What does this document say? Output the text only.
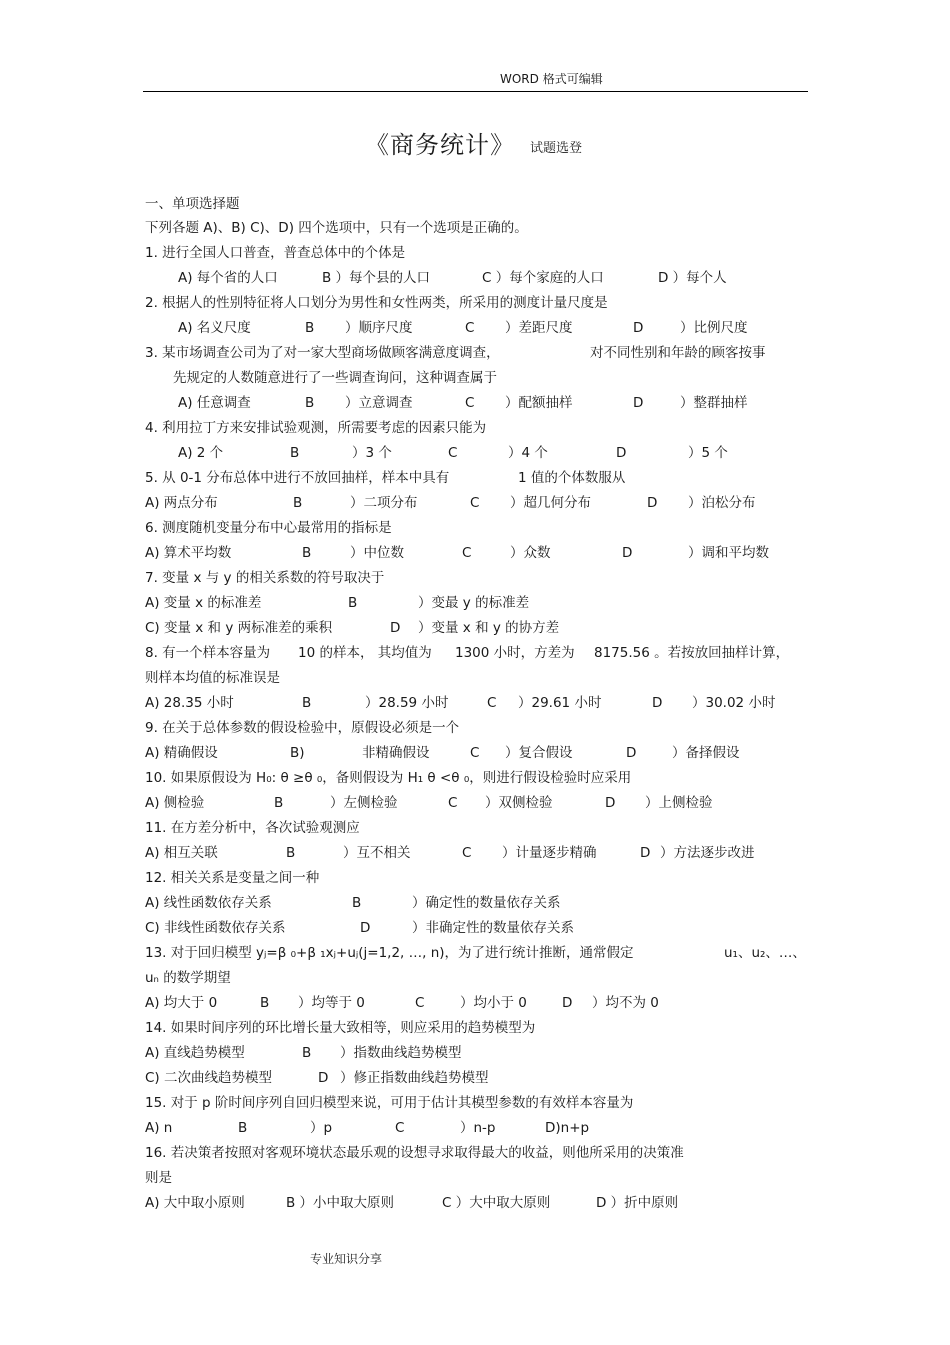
WORD 格式可编辑
《商务统计》 试题选登
一、单项选择题
下列各题 A)、B) C)、D) 四个选项中，只有一个选项是正确的。
1. 进行全国人口普查，普查总体中的个体是
A) 每个省的人口	B ）每个县的人口	C ）每个家庭的人口	D ）每个人
2. 根据人的性别特征将人口划分为男性和女性两类，所采用的测度计量尺度是
A) 名义尺度	B ）顺序尺度	C ）差距尺度	D	）比例尺度
3. 某市场调查公司为了对一家大型商场做顾客满意度调查，	对不同性别和年龄的顾客按事
先规定的人数随意进行了一些调查询问，这种调查属于
A) 任意调查	B ）立意调查	C ）配额抽样	D	）整群抽样
4. 利用拉丁方来安排试验观测，所需要考虑的因素只能为
A) 2 个	B	）3 个	C	）4 个	D	）5 个
5. 从 0-1 分布总体中进行不放回抽样，样本中具有	1 值的个体数服从
A) 两点分布	B	）二项分布	C ）超几何分布	D ）泊松分布
6. 测度随机变量分布中心最常用的指标是
A) 算术平均数	B	）中位数	C	）众数	D	）调和平均数
7. 变量 x 与 y 的相关系数的符号取决于
A) 变量 x 的标准差	B	）变最 y 的标准差
C) 变量 x 和 y 两标准差的乘积	D ）变量 x 和 y 的协方差
8. 有一个样本容量为 10 的样本， 其均值为 1300 小时，方差为 8175.56 。若按放回抽样计算，
则样本均值的标准误是
A) 28.35 小时	B	）28.59 小时	C ）29.61 小时	D ）30.02 小时
9. 在关于总体参数的假设检验中，原假设必须是一个
A) 精确假设	B)	非精确假设	C ）复合假设	D	）备择假设
10. 如果原假设为 H₀: θ ≥θ ₀，备则假设为 H₁ θ <θ ₀，则进行假设检验时应采用
A) 侧检验	B	）左侧检验	C ）双侧检验	D ）上侧检验
11. 在方差分析中，各次试验观测应
A) 相互关联	B	）互不相关	C ）计量逐步精确	D ）方法逐步改进
12. 相关关系是变量之间一种
A) 线性函数依存关系	B	）确定性的数量依存关系
C) 非线性函数依存关系	D	）非确定性的数量依存关系
13. 对于回归模型 yⱼ=β ₀+β ₁xⱼ+uⱼ(j=1,2, …, n)，为了进行统计推断，通常假定	u₁、u₂、…、
uₙ 的数学期望
A) 均大于 0	B ）均等于 0	C	）均小于 0	D ）均不为 0
14. 如果时间序列的环比增长量大致相等，则应采用的趋势模型为
A) 直线趋势模型	B ）指数曲线趋势模型
C) 二次曲线趋势模型	D ）修正指数曲线趋势模型
15. 对于 p 阶时间序列自回归模型来说，可用于估计其模型参数的有效样本容量为
A) n	B	）p	C	）n-p	D)n+p
16. 若决策者按照对客观环境状态最乐观的设想寻求取得最大的收益，则他所采用的决策准
则是
A) 大中取小原则	B ）小中取大原则	C ）大中取大原则	D ）折中原则
专业知识分享
